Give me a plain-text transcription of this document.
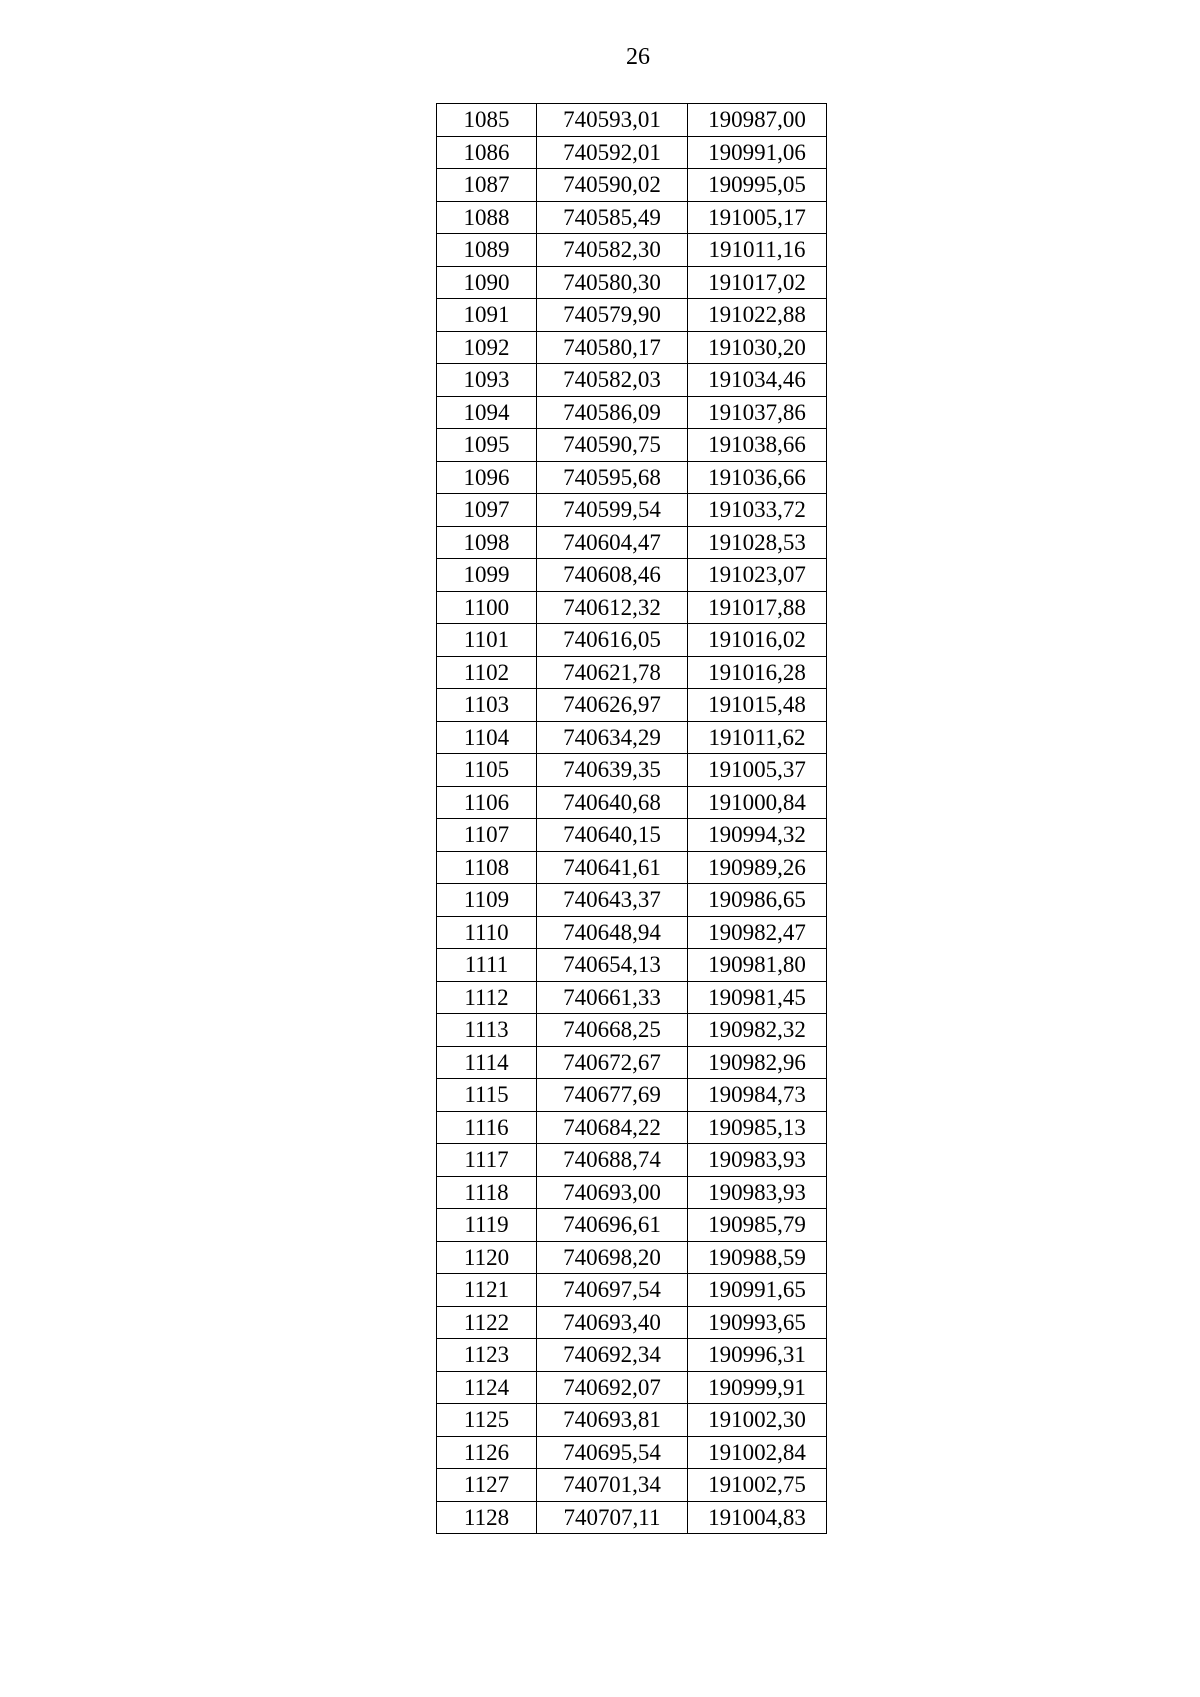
26
1085	740593,01	190987,00
1086	740592,01	190991,06
1087	740590,02	190995,05
1088	740585,49	191005,17
1089	740582,30	191011,16
1090	740580,30	191017,02
1091	740579,90	191022,88
1092	740580,17	191030,20
1093	740582,03	191034,46
1094	740586,09	191037,86
1095	740590,75	191038,66
1096	740595,68	191036,66
1097	740599,54	191033,72
1098	740604,47	191028,53
1099	740608,46	191023,07
1100	740612,32	191017,88
1101	740616,05	191016,02
1102	740621,78	191016,28
1103	740626,97	191015,48
1104	740634,29	191011,62
1105	740639,35	191005,37
1106	740640,68	191000,84
1107	740640,15	190994,32
1108	740641,61	190989,26
1109	740643,37	190986,65
1110	740648,94	190982,47
1111	740654,13	190981,80
1112	740661,33	190981,45
1113	740668,25	190982,32
1114	740672,67	190982,96
1115	740677,69	190984,73
1116	740684,22	190985,13
1117	740688,74	190983,93
1118	740693,00	190983,93
1119	740696,61	190985,79
1120	740698,20	190988,59
1121	740697,54	190991,65
1122	740693,40	190993,65
1123	740692,34	190996,31
1124	740692,07	190999,91
1125	740693,81	191002,30
1126	740695,54	191002,84
1127	740701,34	191002,75
1128	740707,11	191004,83
